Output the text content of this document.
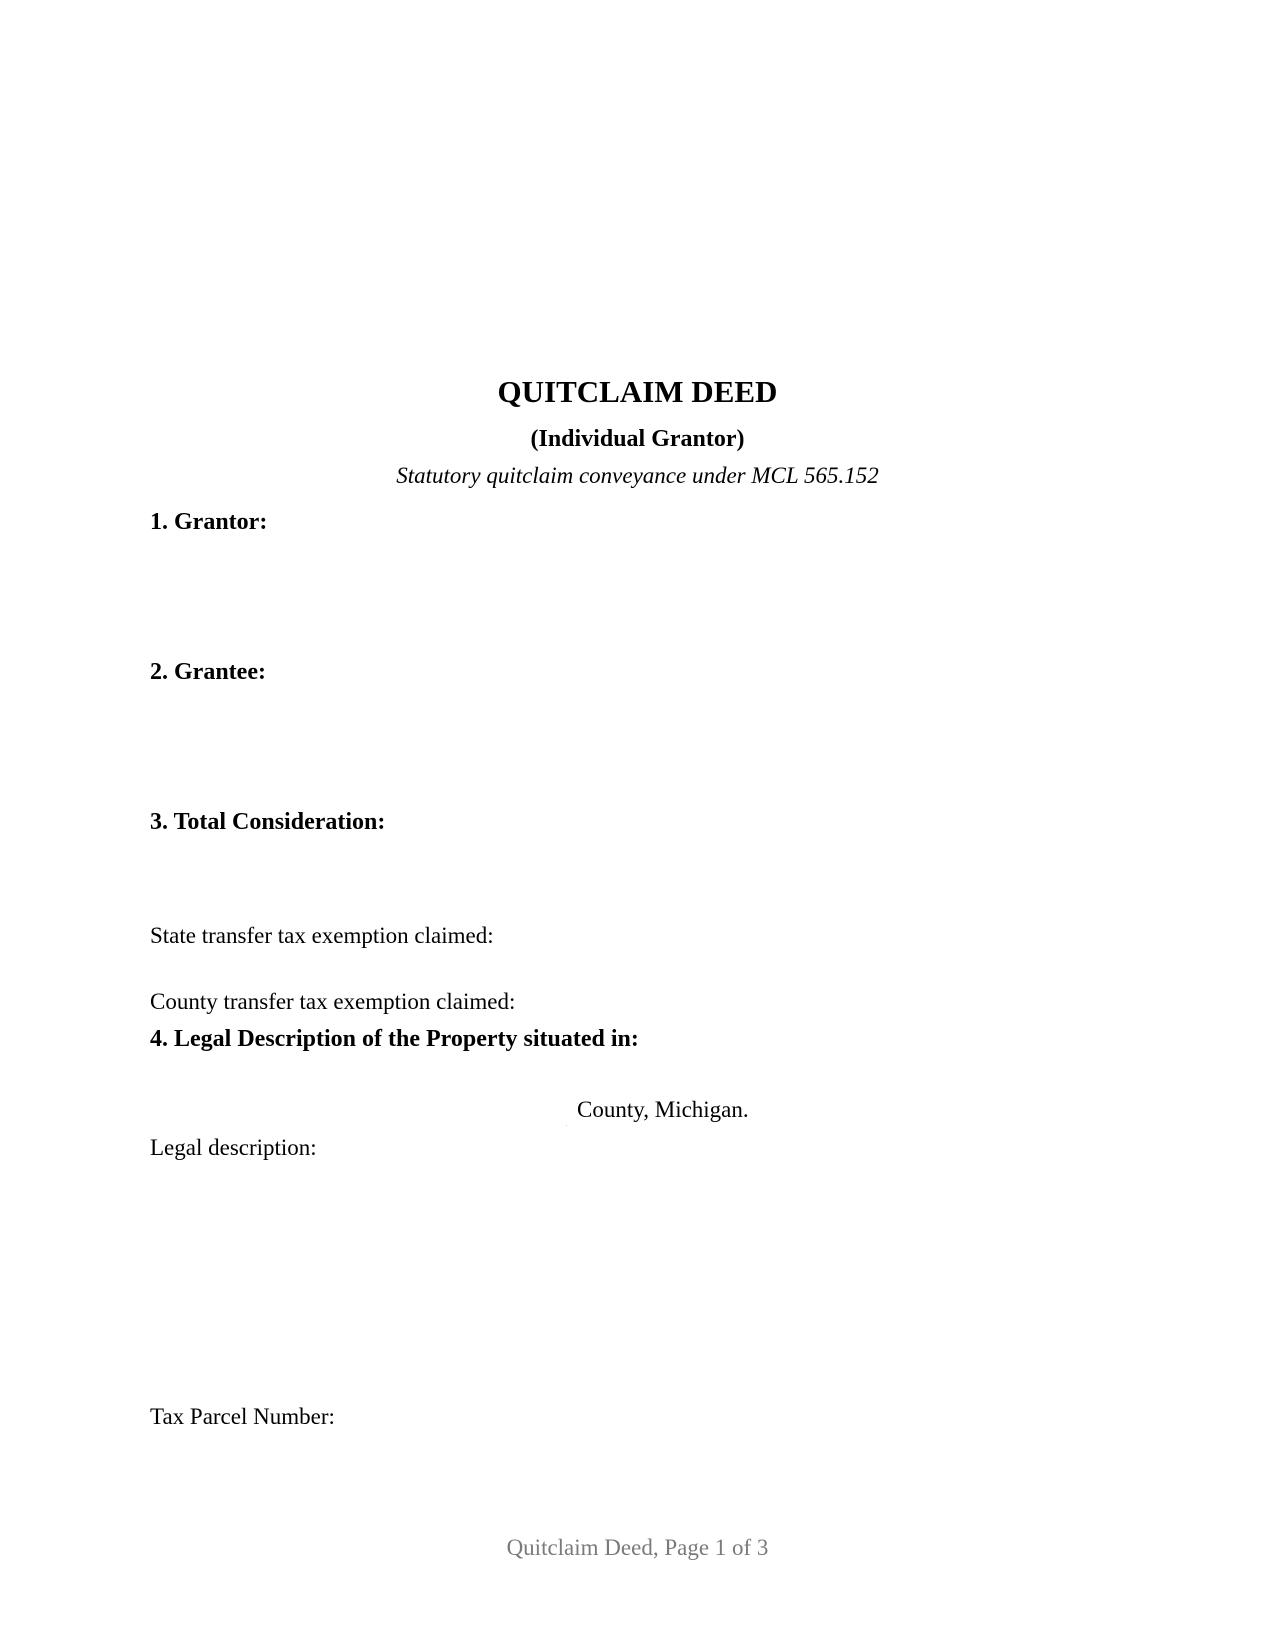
QUITCLAIM DEED
(Individual Grantor)
Statutory quitclaim conveyance under MCL 565.152
1. Grantor:
2. Grantee:
3. Total Consideration:
State transfer tax exemption claimed:
County transfer tax exemption claimed:
4. Legal Description of the Property situated in:
County, Michigan.
Legal description:
Tax Parcel Number:
Quitclaim Deed, Page 1 of 3
